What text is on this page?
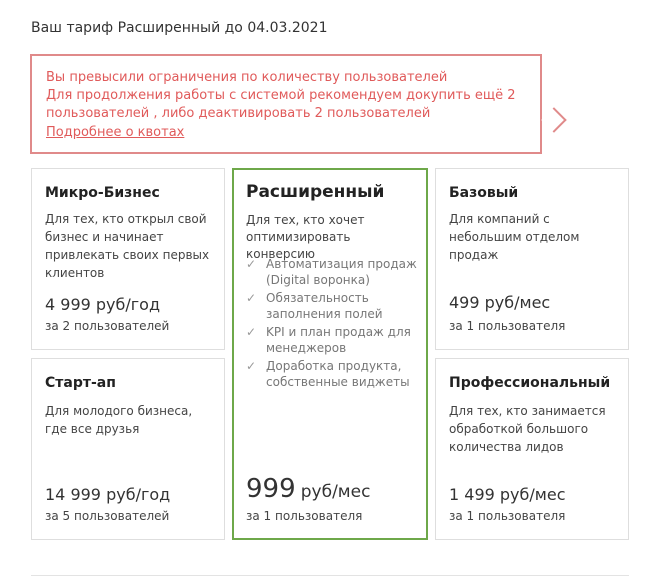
Ваш тариф Расширенный до 04.03.2021
Вы превысили ограничения по количеству пользователей
Для продолжения работы с системой рекомендуем докупить ещё 2
пользователей , либо деактивировать 2 пользователей
Подробнее о квотах
Микро-Бизнес
Для тех, кто открыл свой бизнес и начинает привлекать своих первых клиентов
4 999 руб/год
за 2 пользователей
Старт-ап
Для молодого бизнеса, где все друзья
14 999 руб/год
за 5 пользователей
Расширенный
Для тех, кто хочет оптимизировать конверсию
✓ Автоматизация продаж (Digital воронка)
✓ Обязательность заполнения полей
✓ KPI и план продаж для менеджеров
✓ Доработка продукта, собственные виджеты
999 руб/мес
за 1 пользователя
Базовый
Для компаний с небольшим отделом продаж
499 руб/мес
за 1 пользователя
Профессиональный
Для тех, кто занимается обработкой большого количества лидов
1 499 руб/мес
за 1 пользователя
